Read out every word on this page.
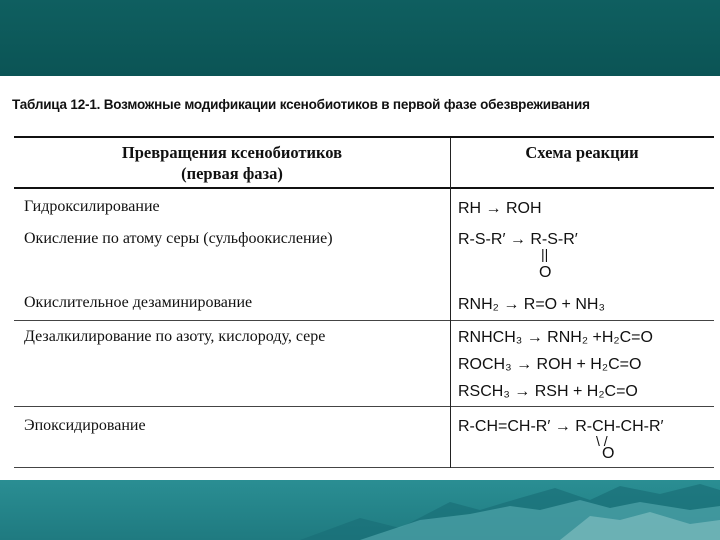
Таблица 12-1. Возможные модификации ксенобиотиков в первой фазе обезвреживания
Превращения ксенобиотиков
(первая фаза)
Схема реакции
Гидроксилирование
Окисление по атому серы (сульфоокисление)
Окислительное дезаминирование
Дезалкилирование по азоту, кислороду, сере
Эпоксидирование
RH → ROH
R-S-R′ → R-S-R′
||
O
RNH₂ → R=O + NH₃
RNHCH₃ → RNH₂ +H₂C=O
ROCH₃ → ROH + H₂C=O
RSCH₃ → RSH + H₂C=O
R-CH=CH-R′ → R-CH-CH-R′
\ /
O
